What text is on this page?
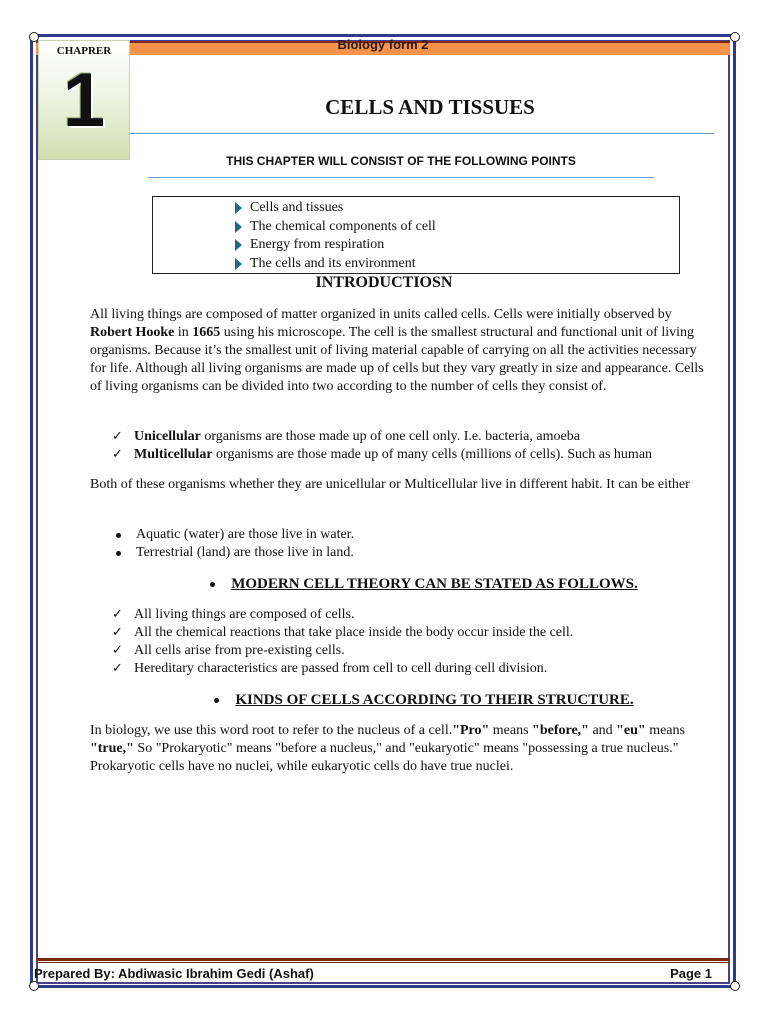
Biology form 2
CHAPRER
1	CELLS AND TISSUES
THIS CHAPTER WILL CONSIST OF THE FOLLOWING POINTS
Cells and tissues
The chemical components of cell
Energy from respiration
The cells and its environment
INTRODUCTIOSN

All living things are composed of matter organized in units called cells. Cells were initially observed by Robert Hooke in 1665 using his microscope. The cell is the smallest structural and functional unit of living organisms. Because it’s the smallest unit of living material capable of carrying on all the activities necessary for life. Although all living organisms are made up of cells but they vary greatly in size and appearance. Cells of living organisms can be divided into two according to the number of cells they consist of.

✓ Unicellular organisms are those made up of one cell only. I.e. bacteria, amoeba
✓ Multicellular organisms are those made up of many cells (millions of cells). Such as human

Both of these organisms whether they are unicellular or Multicellular live in different habit. It can be either

Aquatic (water) are those live in water.
Terrestrial (land) are those live in land.
MODERN CELL THEORY CAN BE STATED AS FOLLOWS.
✓ All living things are composed of cells.
✓ All the chemical reactions that take place inside the body occur inside the cell.
✓ All cells arise from pre-existing cells.
✓ Hereditary characteristics are passed from cell to cell during cell division.
KINDS OF CELLS ACCORDING TO THEIR STRUCTURE.

In biology, we use this word root to refer to the nucleus of a cell."Pro" means "before," and "eu" means "true," So "Prokaryotic" means "before a nucleus," and "eukaryotic" means "possessing a true nucleus." Prokaryotic cells have no nuclei, while eukaryotic cells do have true nuclei.

Prepared By: Abdiwasic Ibrahim Gedi (Ashaf)	Page 1
